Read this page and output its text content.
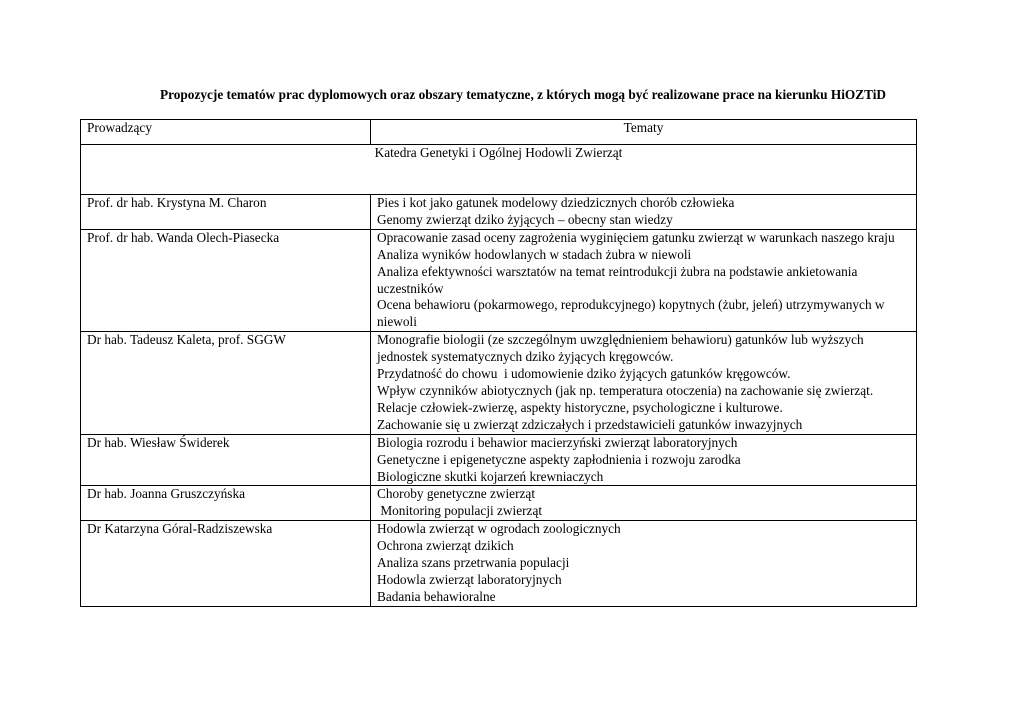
Propozycje tematów prac dyplomowych oraz obszary tematyczne, z których mogą być realizowane prace na kierunku HiOZTiD
Prowadzący	Tematy
Katedra Genetyki i Ogólnej Hodowli Zwierząt	
Prof. dr hab. Krystyna M. Charon	Pies i kot jako gatunek modelowy dziedzicznych chorób człowieka
Genomy zwierząt dziko żyjących – obecny stan wiedzy

Prof. dr hab. Wanda Olech-Piasecka	Opracowanie zasad oceny zagrożenia wyginięciem gatunku zwierząt w warunkach naszego kraju
Analiza wyników hodowlanych w stadach żubra w niewoli
Analiza efektywności warsztatów na temat reintrodukcji żubra na podstawie ankietowania uczestników
Ocena behawioru (pokarmowego, reprodukcyjnego) kopytnych (żubr, jeleń) utrzymywanych w niewoli

Dr hab. Tadeusz Kaleta, prof. SGGW	Monografie biologii (ze szczególnym uwzględnieniem behawioru) gatunków lub wyższych jednostek systematycznych dziko żyjących kręgowców.
Przydatność do chowu  i udomowienie dziko żyjących gatunków kręgowców.
Wpływ czynników abiotycznych (jak np. temperatura otoczenia) na zachowanie się zwierząt.
Relacje człowiek-zwierzę, aspekty historyczne, psychologiczne i kulturowe.
Zachowanie się u zwierząt zdziczałych i przedstawicieli gatunków inwazyjnych

Dr hab. Wiesław Świderek	Biologia rozrodu i behawior macierzyński zwierząt laboratoryjnych
Genetyczne i epigenetyczne aspekty zapłodnienia i rozwoju zarodka
Biologiczne skutki kojarzeń krewniaczych

Dr hab. Joanna Gruszczyńska	Choroby genetyczne zwierząt
Monitoring populacji zwierząt

Dr Katarzyna Góral-Radziszewska	Hodowla zwierząt w ogrodach zoologicznych
Ochrona zwierząt dzikich
Analiza szans przetrwania populacji
Hodowla zwierząt laboratoryjnych
Badania behawioralne
